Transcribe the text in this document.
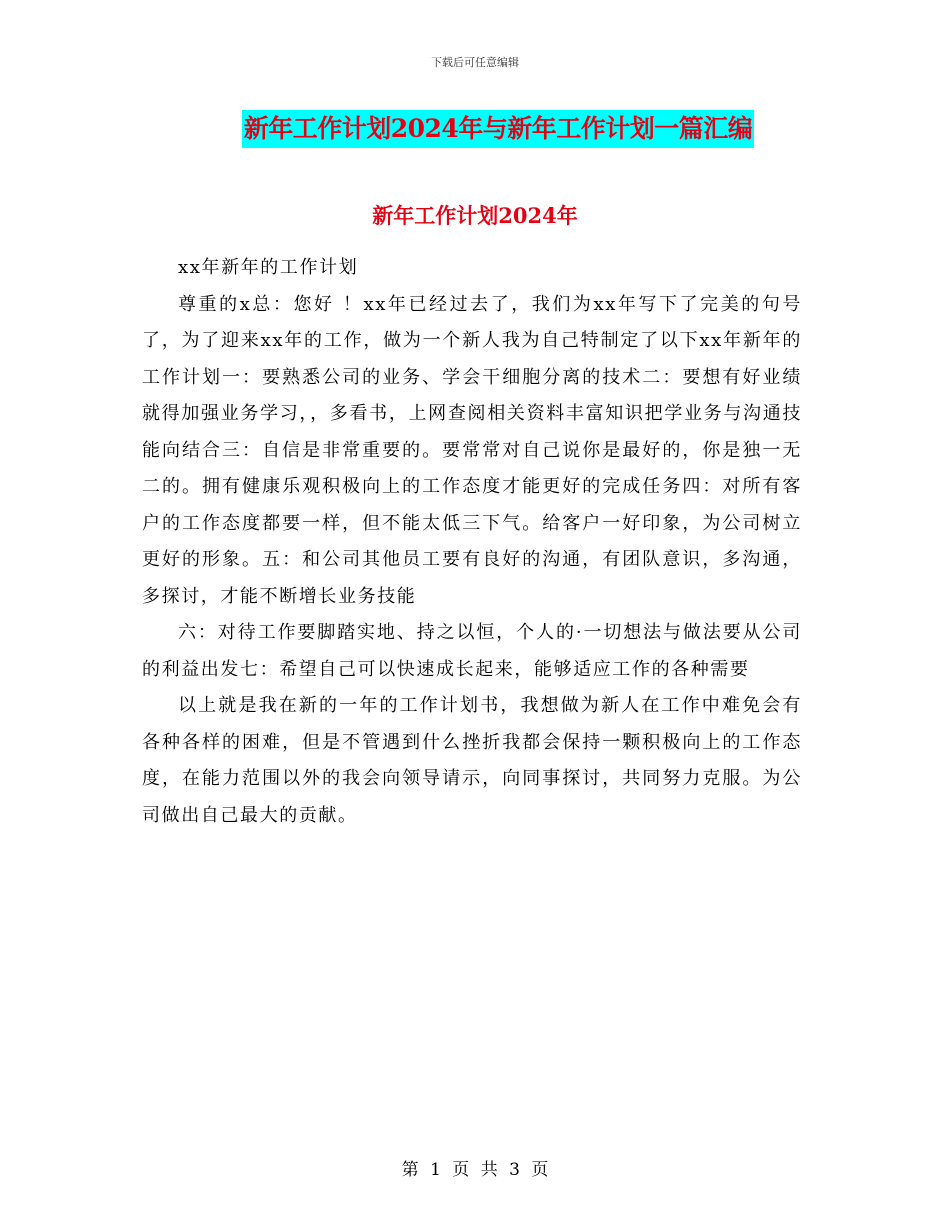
下载后可任意编辑
新年工作计划2024年与新年工作计划一篇汇编
新年工作计划2024年

xx年新年的工作计划

尊重的x总：您好 ！xx年已经过去了，我们为xx年写下了完美的句号了，为了迎来xx年的工作，做为一个新人我为自己特制定了以下xx年新年的工作计划一：要熟悉公司的业务、学会干细胞分离的技术二：要想有好业绩就得加强业务学习，，多看书，上网查阅相关资料丰富知识把学业务与沟通技能向结合三：自信是非常重要的。要常常对自己说你是最好的，你是独一无二的。拥有健康乐观积极向上的工作态度才能更好的完成任务四：对所有客户的工作态度都要一样，但不能太低三下气。给客户一好印象，为公司树立更好的形象。五：和公司其他员工要有良好的沟通，有团队意识，多沟通，多探讨，才能不断增长业务技能

六：对待工作要脚踏实地、持之以恒，个人的·一切想法与做法要从公司的利益出发七：希望自己可以快速成长起来，能够适应工作的各种需要

以上就是我在新的一年的工作计划书，我想做为新人在工作中难免会有各种各样的困难，但是不管遇到什么挫折我都会保持一颗积极向上的工作态度，在能力范围以外的我会向领导请示，向同事探讨，共同努力克服。为公司做出自己最大的贡献。

第 1 页 共 3 页
